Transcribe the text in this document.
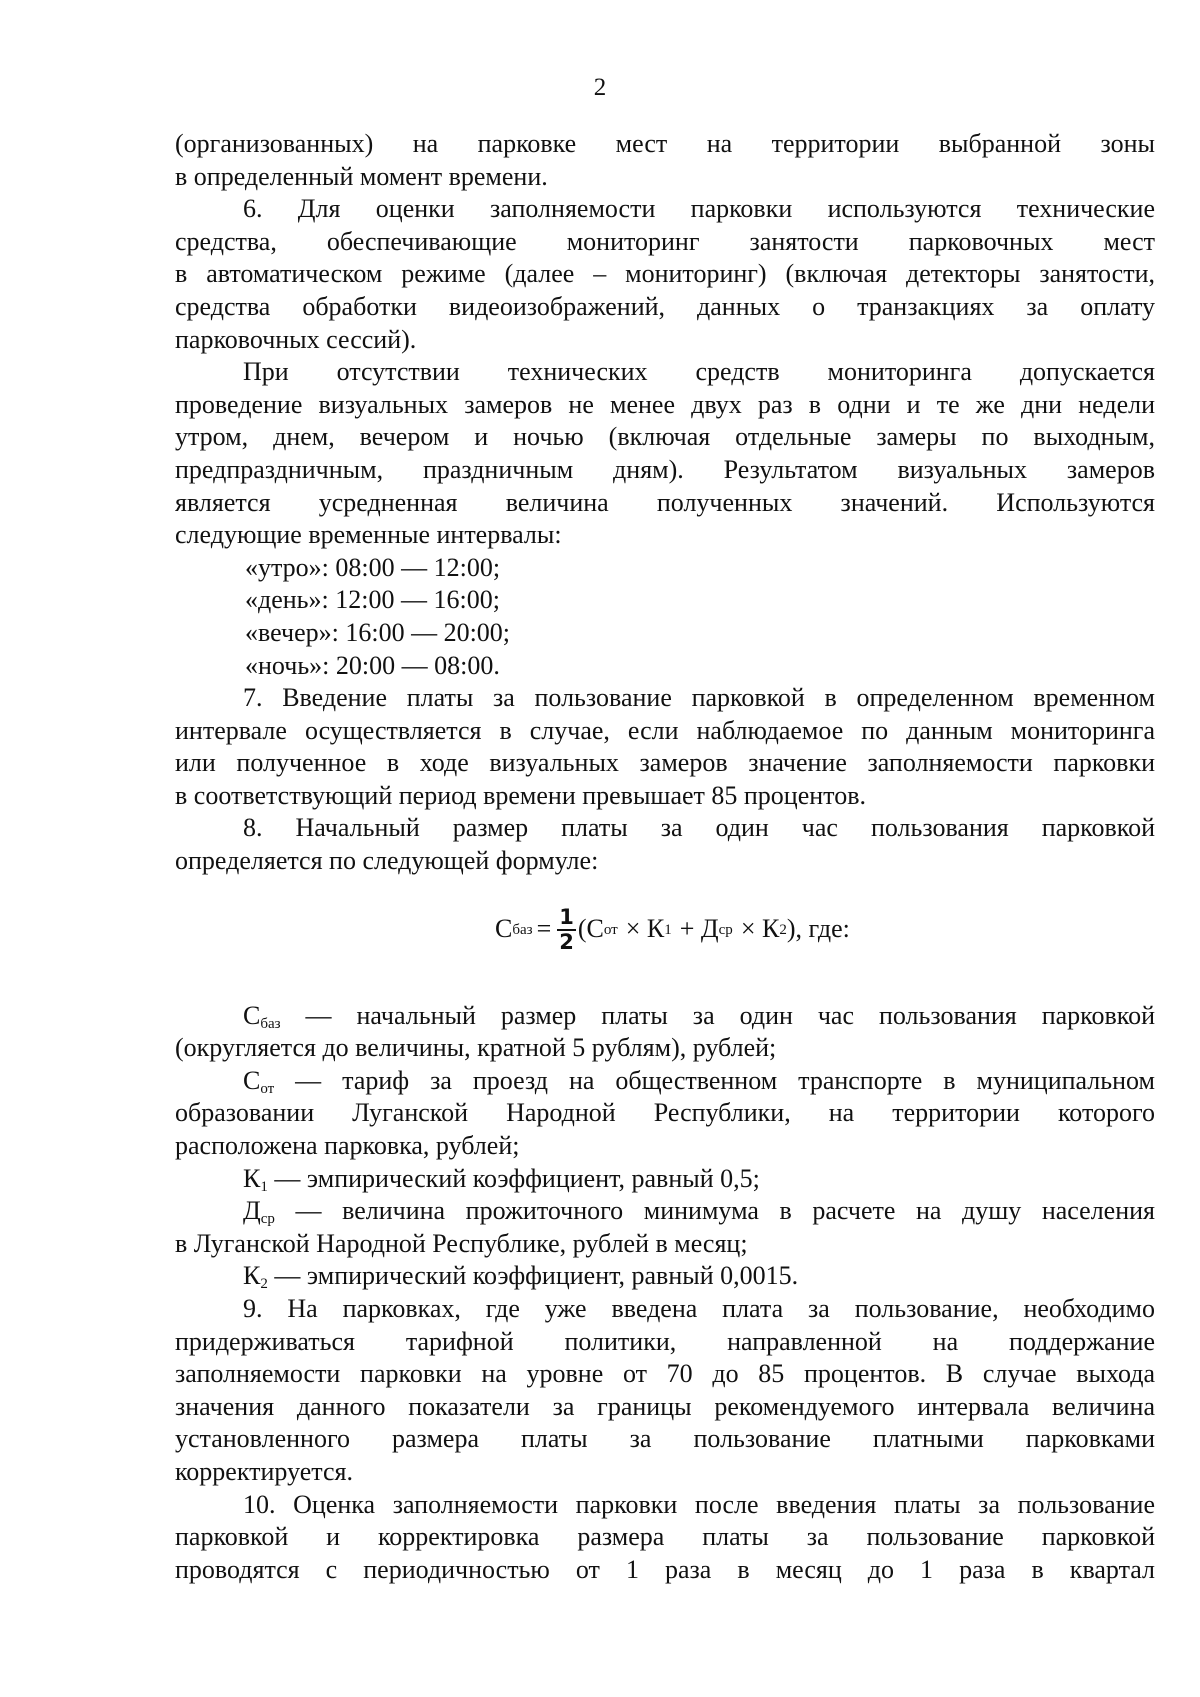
2
(организованных) на парковке мест на территории выбранной зоны
в определенный момент времени.
6. Для оценки заполняемости парковки используются технические
средства, обеспечивающие мониторинг занятости парковочных мест
в автоматическом режиме (далее – мониторинг) (включая детекторы занятости,
средства обработки видеоизображений, данных о транзакциях за оплату
парковочных сессий).
При отсутствии технических средств мониторинга допускается
проведение визуальных замеров не менее двух раз в одни и те же дни недели
утром, днем, вечером и ночью (включая отдельные замеры по выходным,
предпраздничным, праздничным дням). Результатом визуальных замеров
является усредненная величина полученных значений. Используются
следующие временные интервалы:
«утро»: 08:00 — 12:00;
«день»: 12:00 — 16:00;
«вечер»: 16:00 — 20:00;
«ночь»: 20:00 — 08:00.
7. Введение платы за пользование парковкой в определенном временном
интервале осуществляется в случае, если наблюдаемое по данным мониторинга
или полученное в ходе визуальных замеров значение заполняемости парковки
в соответствующий период времени превышает 85 процентов.
8. Начальный размер платы за один час пользования парковкой
определяется по следующей формуле:
С баз = $\frac{1}{2} (С$ от × К 1 + Д ср × К 2 ), где:
$С_{баз}$ — начальный размер платы за один час пользования парковкой
(округляется до величины, кратной 5 рублям), рублей;
$С_{от}$ — тариф за проезд на общественном транспорте в муниципальном
образовании Луганской Народной Республики, на территории которого
расположена парковка, рублей;
$К_1$ — эмпирический коэффициент, равный 0,5;
$Д_{ср}$ — величина прожиточного минимума в расчете на душу населения
в Луганской Народной Республике, рублей в месяц;
$К_2$ — эмпирический коэффициент, равный 0,0015.
9. На парковках, где уже введена плата за пользование, необходимо
придерживаться тарифной политики, направленной на поддержание
заполняемости парковки на уровне от 70 до 85 процентов. В случае выхода
значения данного показатели за границы рекомендуемого интервала величина
установленного размера платы за пользование платными парковками
корректируется.
10. Оценка заполняемости парковки после введения платы за пользование
парковкой и корректировка размера платы за пользование парковкой
проводятся с периодичностью от 1 раза в месяц до 1 раза в квартал
